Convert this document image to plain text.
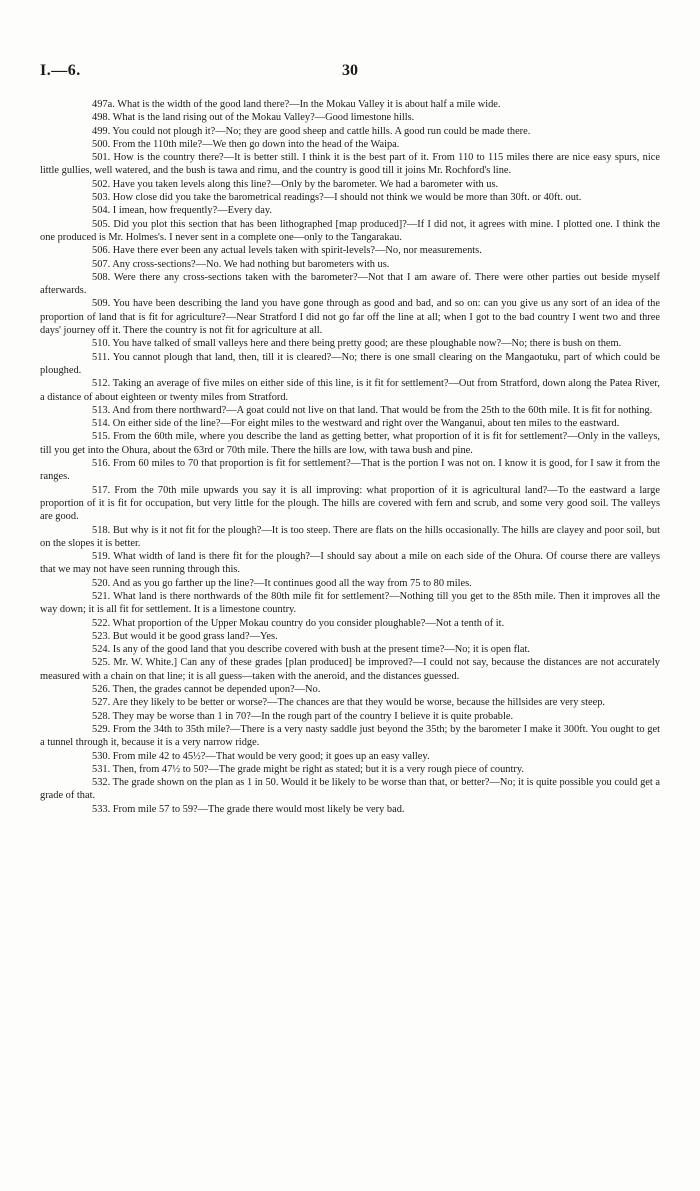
I.—6.	30

497a. What is the width of the good land there?—In the Mokau Valley it is about half a mile wide.

498. What is the land rising out of the Mokau Valley?—Good limestone hills.

499. You could not plough it?—No; they are good sheep and cattle hills. A good run could be made there.

500. From the 110th mile?—We then go down into the head of the Waipa.

501. How is the country there?—It is better still. I think it is the best part of it. From 110 to 115 miles there are nice easy spurs, nice little gullies, well watered, and the bush is tawa and rimu, and the country is good till it joins Mr. Rochford's line.

502. Have you taken levels along this line?—Only by the barometer. We had a barometer with us.

503. How close did you take the barometrical readings?—I should not think we would be more than 30ft. or 40ft. out.

504. I imean, how frequently?—Every day.

505. Did you plot this section that has been lithographed [map produced]?—If I did not, it agrees with mine. I plotted one. I think the one produced is Mr. Holmes's. I never sent in a complete one—only to the Tangarakau.

506. Have there ever been any actual levels taken with spirit-levels?—No, nor measurements.

507. Any cross-sections?—No. We had nothing but barometers with us.

508. Were there any cross-sections taken with the barometer?—Not that I am aware of. There were other parties out beside myself afterwards.

509. You have been describing the land you have gone through as good and bad, and so on: can you give us any sort of an idea of the proportion of land that is fit for agriculture?—Near Stratford I did not go far off the line at all; when I got to the bad country I went two and three days' journey off it. There the country is not fit for agriculture at all.

510. You have talked of small valleys here and there being pretty good; are these ploughable now?—No; there is bush on them.

511. You cannot plough that land, then, till it is cleared?—No; there is one small clearing on the Mangaotuku, part of which could be ploughed.

512. Taking an average of five miles on either side of this line, is it fit for settlement?—Out from Stratford, down along the Patea River, a distance of about eighteen or twenty miles from Stratford.

513. And from there northward?—A goat could not live on that land. That would be from the 25th to the 60th mile. It is fit for nothing.

514. On either side of the line?—For eight miles to the westward and right over the Wanganui, about ten miles to the eastward.

515. From the 60th mile, where you describe the land as getting better, what proportion of it is fit for settlement?—Only in the valleys, till you get into the Ohura, about the 63rd or 70th mile. There the hills are low, with tawa bush and pine.

516. From 60 miles to 70 that proportion is fit for settlement?—That is the portion I was not on. I know it is good, for I saw it from the ranges.

517. From the 70th mile upwards you say it is all improving: what proportion of it is agricultural land?—To the eastward a large proportion of it is fit for occupation, but very little for the plough. The hills are covered with fern and scrub, and some very good soil. The valleys are good.

518. But why is it not fit for the plough?—It is too steep. There are flats on the hills occasionally. The hills are clayey and poor soil, but on the slopes it is better.

519. What width of land is there fit for the plough?—I should say about a mile on each side of the Ohura. Of course there are valleys that we may not have seen running through this.

520. And as you go farther up the line?—It continues good all the way from 75 to 80 miles.

521. What land is there northwards of the 80th mile fit for settlement?—Nothing till you get to the 85th mile. Then it improves all the way down; it is all fit for settlement. It is a limestone country.

522. What proportion of the Upper Mokau country do you consider ploughable?—Not a tenth of it.

523. But would it be good grass land?—Yes.

524. Is any of the good land that you describe covered with bush at the present time?—No; it is open flat.

525. Mr. W. White.] Can any of these grades [plan produced] be improved?—I could not say, because the distances are not accurately measured with a chain on that line; it is all guess—taken with the aneroid, and the distances guessed.

526. Then, the grades cannot be depended upon?—No.

527. Are they likely to be better or worse?—The chances are that they would be worse, because the hillsides are very steep.

528. They may be worse than 1 in 70?—In the rough part of the country I believe it is quite probable.

529. From the 34th to 35th mile?—There is a very nasty saddle just beyond the 35th; by the barometer I make it 300ft. You ought to get a tunnel through it, because it is a very narrow ridge.

530. From mile 42 to 45½?—That would be very good; it goes up an easy valley.

531. Then, from 47½ to 50?—The grade might be right as stated; but it is a very rough piece of country.

532. The grade shown on the plan as 1 in 50. Would it be likely to be worse than that, or better?—No; it is quite possible you could get a grade of that.

533. From mile 57 to 59?—The grade there would most likely be very bad.
